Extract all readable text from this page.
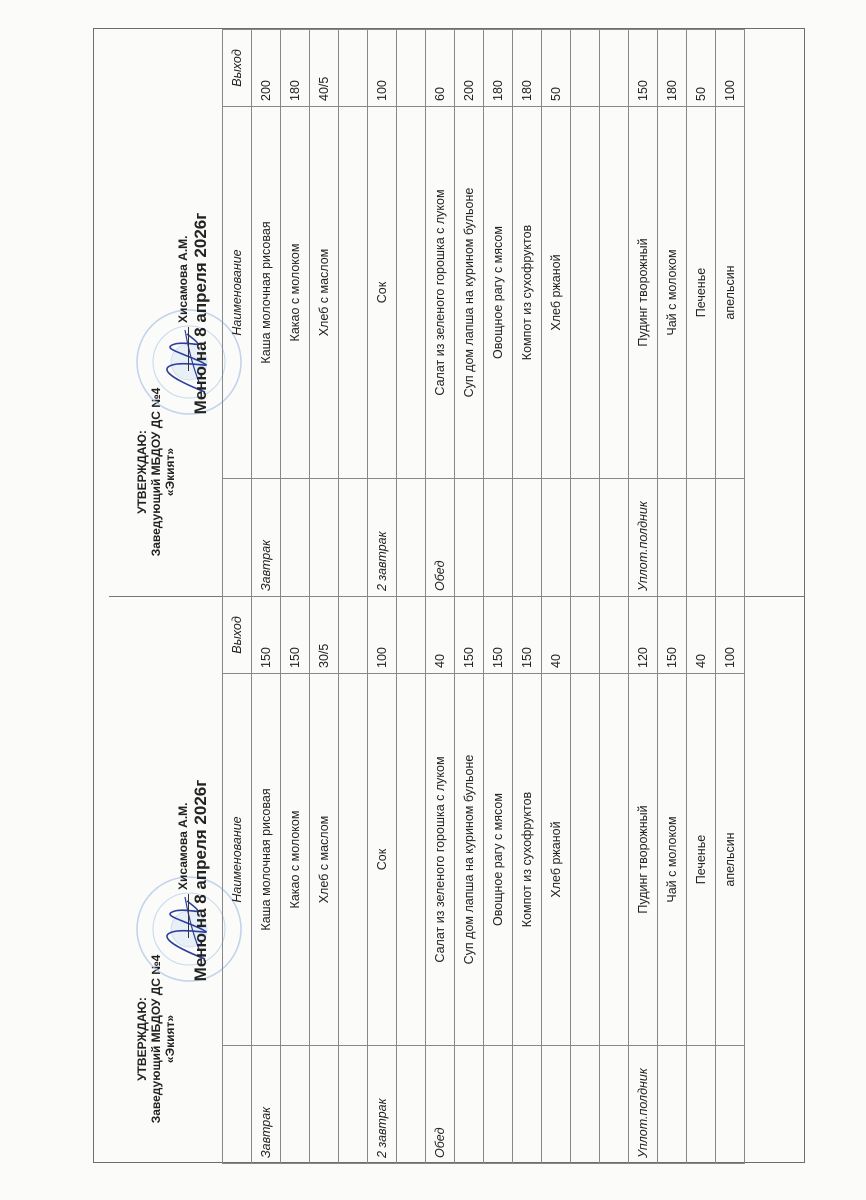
УТВЕРЖДАЮ: Заведующий МБДОУ ДС №4 «Экият»
Хисамова А.М. Меню на 8 апреля 2026г
	Наименование	Выход
Завтрак	Каша молочная рисовая	200
	Какао с молоком	180
	Хлеб с маслом	40/5

2 завтрак	Сок	100

Обед	Салат из зеленого горошка с луком	60
	Суп дом лапша на курином бульоне	200
	Овощное рагу с мясом	180
	Компот из сухофруктов	180
	Хлеб ржаной	50

Уплот.полдник	Пудинг творожный	150
	Чай с молоком	180
	Печенье	50
	апельсин	100
УТВЕРЖДАЮ: Заведующий МБДОУ ДС №4 «Экият»
Хисамова А.М. Меню на 8 апреля 2026г
	Наименование	Выход
Завтрак	Каша молочная рисовая	150
	Какао с молоком	150
	Хлеб с маслом	30/5

2 завтрак	Сок	100

Обед	Салат из зеленого горошка с луком	40
	Суп дом лапша на курином бульоне	150
	Овощное рагу с мясом	150
	Компот из сухофруктов	150
	Хлеб ржаной	40

Уплот.полдник	Пудинг творожный	120
	Чай с молоком	150
	Печенье	40
	апельсин	100
